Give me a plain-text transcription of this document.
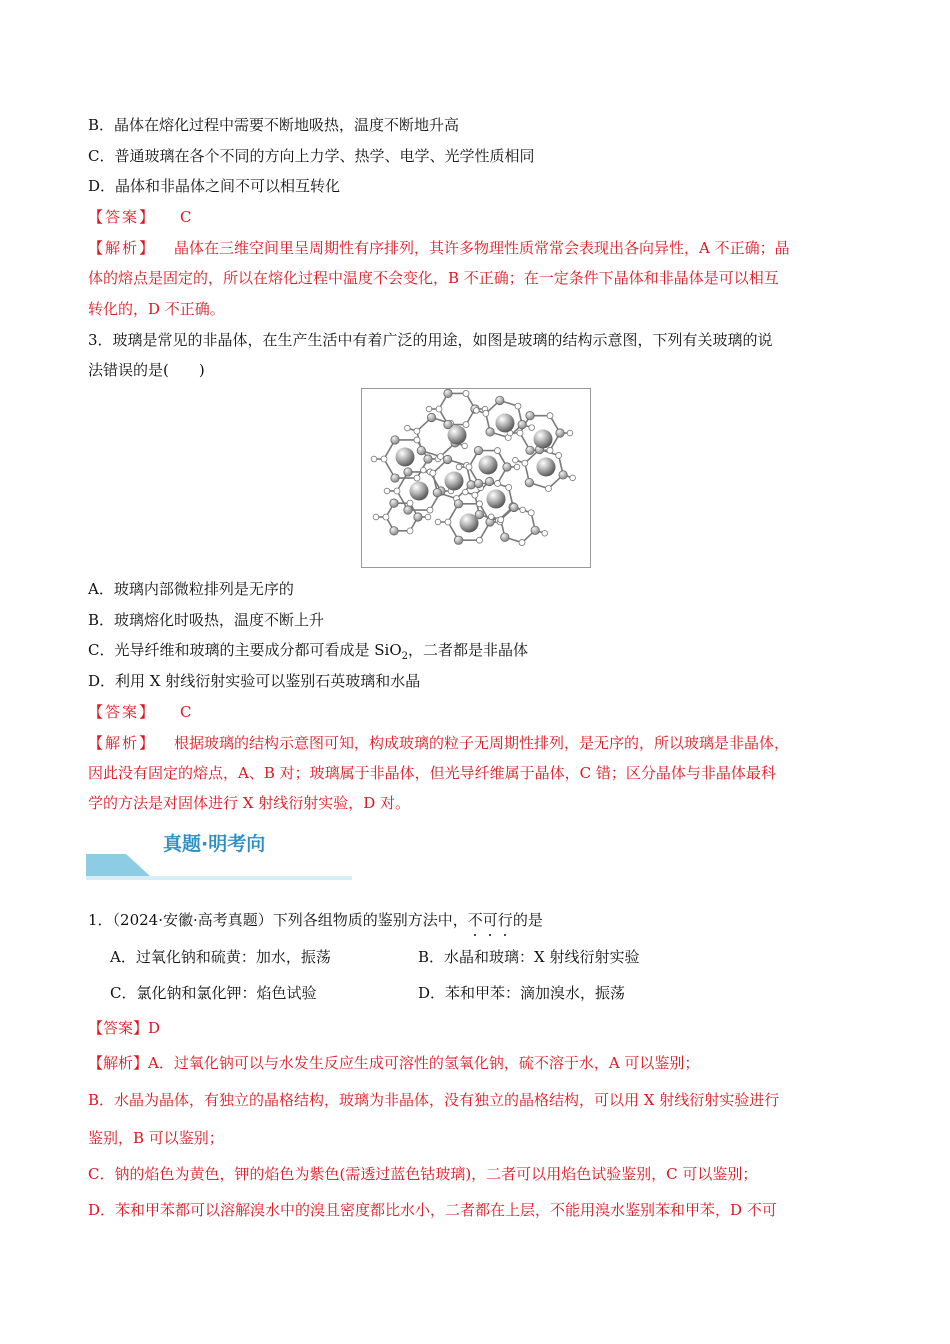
B．晶体在熔化过程中需要不断地吸热，温度不断地升高
C．普通玻璃在各个不同的方向上力学、热学、电学、光学性质相同
D．晶体和非晶体之间不可以相互转化
【答案】 C
【解析】 晶体在三维空间里呈周期性有序排列，其许多物理性质常常会表现出各向异性，A 不正确；晶
体的熔点是固定的，所以在熔化过程中温度不会变化，B 不正确；在一定条件下晶体和非晶体是可以相互
转化的，D 不正确。
3．玻璃是常见的非晶体，在生产生活中有着广泛的用途，如图是玻璃的结构示意图，下列有关玻璃的说
法错误的是(　　)
A．玻璃内部微粒排列是无序的
B．玻璃熔化时吸热，温度不断上升
C．光导纤维和玻璃的主要成分都可看成是 SiO$_2$，二者都是非晶体
D．利用 X 射线衍射实验可以鉴别石英玻璃和水晶
【答案】 C
【解析】 根据玻璃的结构示意图可知，构成玻璃的粒子无周期性排列，是无序的，所以玻璃是非晶体，
因此没有固定的熔点，A、B 对；玻璃属于非晶体，但光导纤维属于晶体，C 错；区分晶体与非晶体最科
学的方法是对固体进行 X 射线衍射实验，D 对。
真题·明考向
1．（2024·安徽·高考真题）下列各组物质的鉴别方法中，不可行的是
A．过氧化钠和硫黄：加水，振荡	B．水晶和玻璃：X 射线衍射实验
C．氯化钠和氯化钾：焰色试验	D．苯和甲苯：滴加溴水，振荡
【答案】D
【解析】A．过氧化钠可以与水发生反应生成可溶性的氢氧化钠，硫不溶于水，A 可以鉴别；
B．水晶为晶体，有独立的晶格结构，玻璃为非晶体，没有独立的晶格结构，可以用 X 射线衍射实验进行
鉴别，B 可以鉴别；
C．钠的焰色为黄色，钾的焰色为紫色(需透过蓝色钴玻璃)，二者可以用焰色试验鉴别，C 可以鉴别；
D．苯和甲苯都可以溶解溴水中的溴且密度都比水小，二者都在上层，不能用溴水鉴别苯和甲苯，D 不可
